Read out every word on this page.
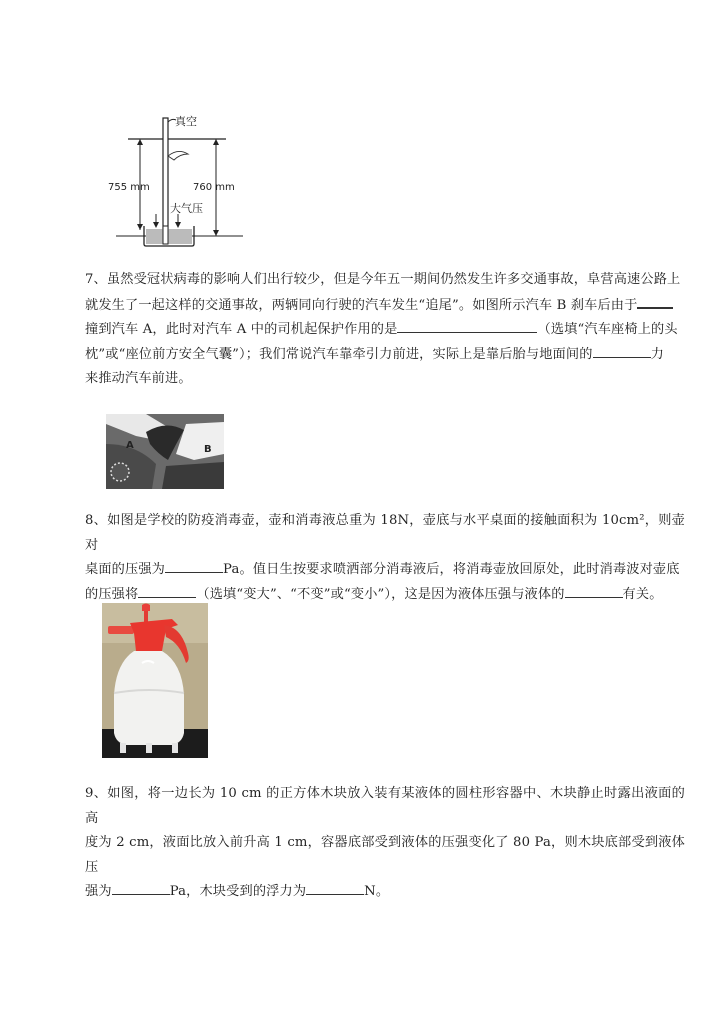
真空
755 mm	760 mm
大气压
7、虽然受冠状病毒的影响人们出行较少，但是今年五一期间仍然发生许多交通事故，阜营高速公路上
就发生了一起这样的交通事故，两辆同向行驶的汽车发生“追尾”。如图所示汽车 B 刹车后由于
撞到汽车 A，此时对汽车 A 中的司机起保护作用的是	（选填“汽车座椅上的头
枕”或“座位前方安全气囊”）；我们常说汽车靠牵引力前进，实际上是靠后胎与地面间的	力
来推动汽车前进。
A	B
8、如图是学校的防疫消毒壶，壶和消毒液总重为 18N，壶底与水平桌面的接触面积为 10cm²，则壶对
桌面的压强为	Pa。值日生按要求喷洒部分消毒液后，将消毒壶放回原处，此时消毒波对壶底
的压强将	（选填“变大”、“不变”或“变小”），这是因为液体压强与液体的	有关。
9、如图，将一边长为 10 cm 的正方体木块放入装有某液体的圆柱形容器中、木块静止时露出液面的高
度为 2 cm，液面比放入前升高 1 cm，容器底部受到液体的压强变化了 80 Pa，则木块底部受到液体压
强为	Pa，木块受到的浮力为	N。
